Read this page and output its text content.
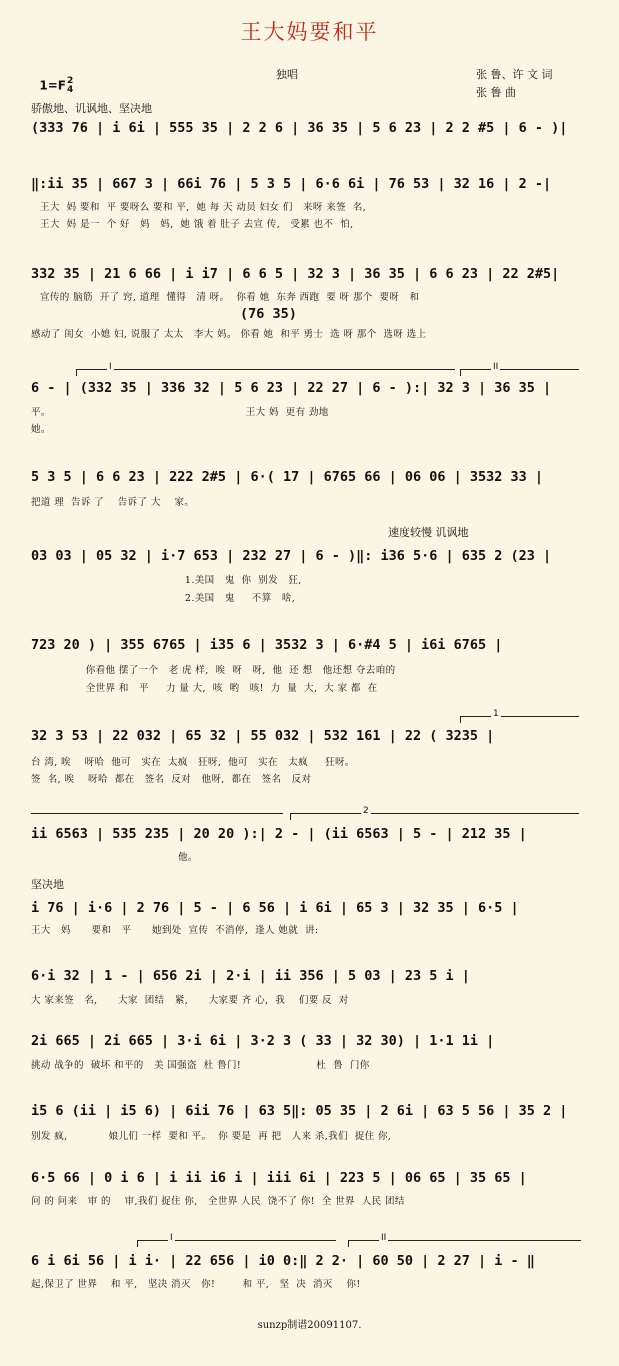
王大妈要和平

1=F2
4

独唱	张 鲁、许 文 词
张 鲁 曲
骄傲地、讥讽地、坚决地
(333 76 | i 6i | 555 35 | 2 2 6 | 36 35 | 5 6 23 | 2 2 #5 | 6 - )|
‖:ii 35 | 667 3 | 66i 76 | 5 3 5 | 6·6 6i | 76 53 | 32 16 | 2 -|
王大  妈 要和  平 要呀么 要和 平,  她 每 天 动员 妇女 们   来呀 来签  名,
王大  妈 是一  个 好   妈   妈,  她 饿 着 肚子 去宣 传,   受累 也不  怕,
332 35 | 21 6 66 | i i7 | 6 6 5 | 32 3 | 36 35 | 6 6 23 | 22 2#5|
宣传的 脑筋  开了 窍, 道理  懂得   清 呀。  你看 她  东奔 西跑  要 呀 那个  要呀   和
(76 35)
感动了 闺女  小媳 妇, 说服了 太太   李大 妈。 你看 她  和平 勇士  选 呀 那个  选呀 选上
I	II
6 - | (332 35 | 336 32 | 5 6 23 | 22 27 | 6 - ):| 32 3 | 36 35 |
平。                                                         王大 妈  更有 劲地
她。
5 3 5 | 6 6 23 | 222 2#5 | 6·( 17 | 6765 66 | 06 06 | 3532 33 |
把道 理  告诉 了    告诉了 大    家。
速度较慢 讥讽地
03 03 | 05 32 | i·7 653 | 232 27 | 6 - )‖: i36 5·6 | 635 2 (23 |
1.美国   鬼  你  别发   狂,
2.美国   鬼     不算   啥,
723 20 ) | 355 6765 | i35 6 | 3532 3 | 6·#4 5 | i6i 6765 |
你看他 摆了一个   老 虎 样,  唉  呀   呀,  他  还 想   他还想 夺去咱的
全世界 和   平     力 量 大,  咳  哟   咳!  力  量  大,  大 家 都  在
1
32 3 53 | 22 032 | 65 32 | 55 032 | 532 161 | 22 ( 3235 |
台 湾, 唉    呀哈  他可   实在  太疯   狂呀,  他可   实在   太疯     狂呀。
签  名, 唉    呀哈  都在   签名  反对   他呀,  都在   签名   反对
2
ii 6563 | 535 235 | 20 20 ):| 2 - | (ii 6563 | 5 - | 212 35 |
他。
坚决地
i 76 | i·6 | 2 76 | 5 - | 6 56 | i 6i | 65 3 | 32 35 | 6·5 |
王大   妈      要和   平      她到处  宣传  不消停,  逢人 她就  讲:
6·i 32 | 1 - | 656 2i | 2·i | ii 356 | 5 03 | 23 5 i |
大 家来签   名,      大家  团结   紧,      大家要 齐 心,  我    们要 反  对
2i 665 | 2i 665 | 3·i 6i | 3·2 3 ( 33 | 32 30) | 1·1 1i |
挑动 战争的  破坏 和平的   美 国强盗  杜 鲁门!                      杜  鲁  门你
i5 6 (ii | i5 6) | 6ii 76 | 63 5‖: 05 35 | 2 6i | 63 5 56 | 35 2 |
别发 疯,            娘儿们 一样  要和 平。  你 要是  再 把   人来 杀,我们  捉住 你,
6·5 66 | 0 i 6 | i ii i6 i | iii 6i | 223 5 | 06 65 | 35 65 |
问 的 问来   审 的    审,我们 捉住 你,   全世界 人民  饶不了 你!  全 世界  人民 团结
I	II
6 i 6i 56 | i i· | 22 656 | i0 0:‖ 2 2· | 60 50 | 2 27 | i - ‖
起,保卫了 世界    和 平,   坚决 消灭   你!        和 平,   坚  决  消灭    你!
sunzp制谱20091107.
